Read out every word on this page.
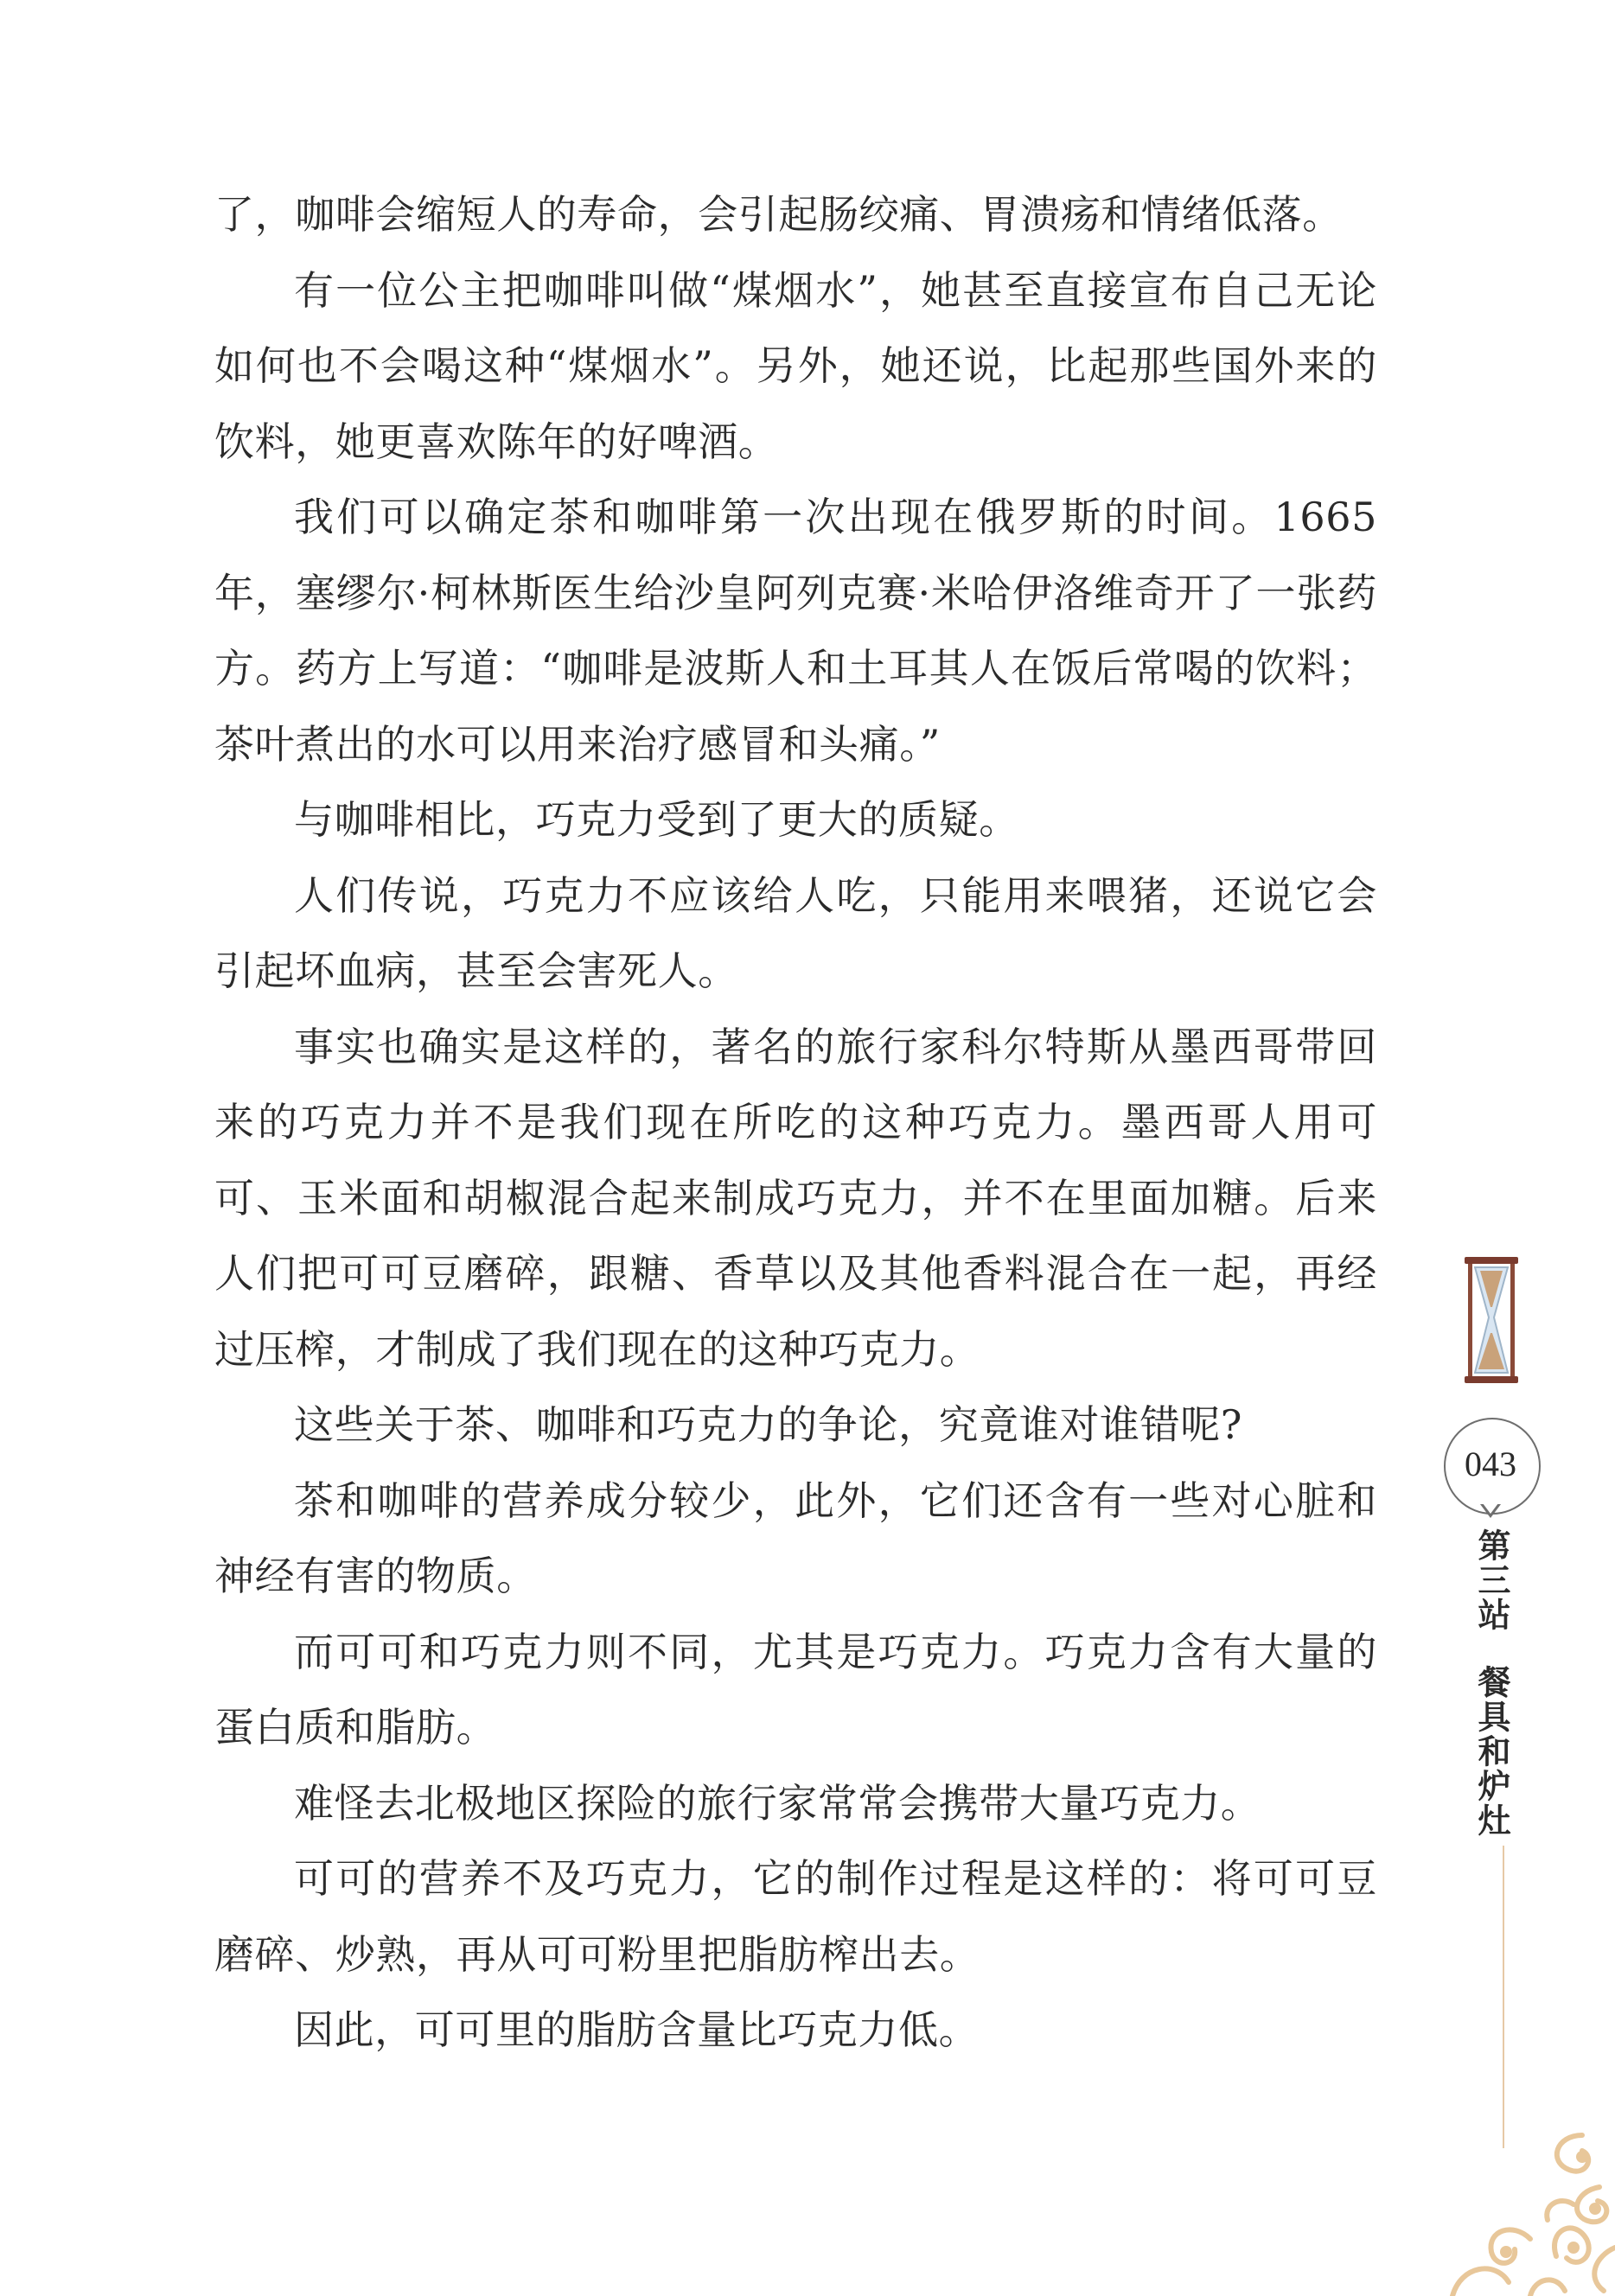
了，咖啡会缩短人的寿命，会引起肠绞痛、胃溃疡和情绪低落。

有一位公主把咖啡叫做“煤烟水”，她甚至直接宣布自己无论如何也不会喝这种“煤烟水”。另外，她还说，比起那些国外来的饮料，她更喜欢陈年的好啤酒。

我们可以确定茶和咖啡第一次出现在俄罗斯的时间。1665年，塞缪尔·柯林斯医生给沙皇阿列克赛·米哈伊洛维奇开了一张药方。药方上写道：“咖啡是波斯人和土耳其人在饭后常喝的饮料；茶叶煮出的水可以用来治疗感冒和头痛。”

与咖啡相比，巧克力受到了更大的质疑。

人们传说，巧克力不应该给人吃，只能用来喂猪，还说它会引起坏血病，甚至会害死人。

事实也确实是这样的，著名的旅行家科尔特斯从墨西哥带回来的巧克力并不是我们现在所吃的这种巧克力。墨西哥人用可可、玉米面和胡椒混合起来制成巧克力，并不在里面加糖。后来人们把可可豆磨碎，跟糖、香草以及其他香料混合在一起，再经过压榨，才制成了我们现在的这种巧克力。

这些关于茶、咖啡和巧克力的争论，究竟谁对谁错呢?

茶和咖啡的营养成分较少，此外，它们还含有一些对心脏和神经有害的物质。

而可可和巧克力则不同，尤其是巧克力。巧克力含有大量的蛋白质和脂肪。

难怪去北极地区探险的旅行家常常会携带大量巧克力。

可可的营养不及巧克力，它的制作过程是这样的：将可可豆磨碎、炒熟，再从可可粉里把脂肪榨出去。

因此，可可里的脂肪含量比巧克力低。

043
第三站餐具和炉灶
